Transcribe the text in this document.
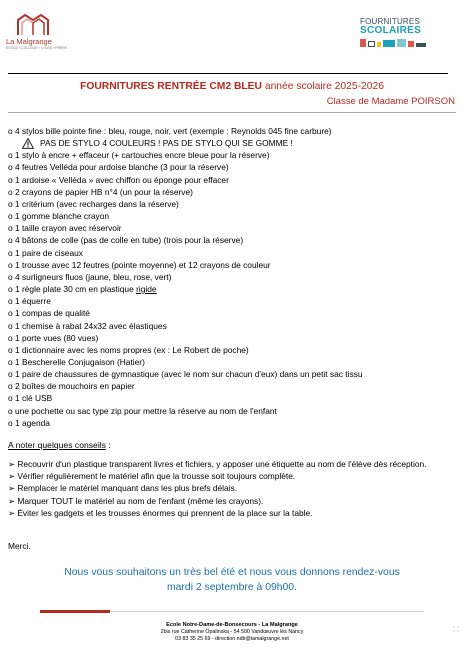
La Malgrange
ÉCOLE ▪ COLLÈGE ▪ LYCÉE ▪ PRÉPA
FOURNITURES
SCOLAIRES
FOURNITURES RENTRÉE CM2 BLEU année scolaire 2025-2026
Classe de Madame POIRSON
o 4 stylos bille pointe fine : bleu, rouge, noir, vert (exemple : Reynolds 045 fine carbure)
PAS DE STYLO 4 COULEURS ! PAS DE STYLO QUI SE GOMME !
o 1 stylo à encre + effaceur (+ cartouches encre bleue pour la réserve)
o 4 feutres Velléda pour ardoise blanche (3 pour la réserve)
o 1 ardoise « Velléda » avec chiffon ou éponge pour effacer
o 2 crayons de papier HB n°4 (un pour la réserve)
o 1 critérium (avec recharges dans la réserve)
o 1 gomme blanche crayon
o 1 taille crayon avec réservoir
o 4 bâtons de colle (pas de colle en tube) (trois pour la réserve)
o 1 paire de ciseaux
o 1 trousse avec 12 feutres (pointe moyenne) et 12 crayons de couleur
o 4 surligneurs fluos (jaune, bleu, rose, vert)
o 1 règle plate 30 cm en plastique rigide
o 1 équerre
o 1 compas de qualité
o 1 chemise à rabat 24x32 avec élastiques
o 1 porte vues (80 vues)
o 1 dictionnaire avec les noms propres (ex : Le Robert de poche)
o 1 Bescherelle Conjugaison (Hatier)
o 1 paire de chaussures de gymnastique (avec le nom sur chacun d'eux) dans un petit sac tissu
o 2 boîtes de mouchoirs en papier
o 1 clé USB
o une pochette ou sac type zip pour mettre la réserve au nom de l'enfant
o 1 agenda
A noter quelques conseils :
➢ Recouvrir d'un plastique transparent livres et fichiers, y apposer une étiquette au nom de l'élève dès réception.
➢ Vérifier régulièrement le matériel afin que la trousse soit toujours complète.
➢ Remplacer le matériel manquant dans les plus brefs délais.
➢ Marquer TOUT le matériel au nom de l'enfant (même les crayons).
➢ Éviter les gadgets et les trousses énormes qui prennent de la place sur la table.
Merci.
Nous vous souhaitons un très bel été et nous vous donnons rendez-vous
mardi 2 septembre à 09h00.
Ecole Notre-Dame-de-Bonsecours - La Malgrange
2bis rue Catherine Opalinska - 54 500 Vandœuvre lès Nancy
03 83 35 25 69 - direction.ndb@lamalgrange.net
